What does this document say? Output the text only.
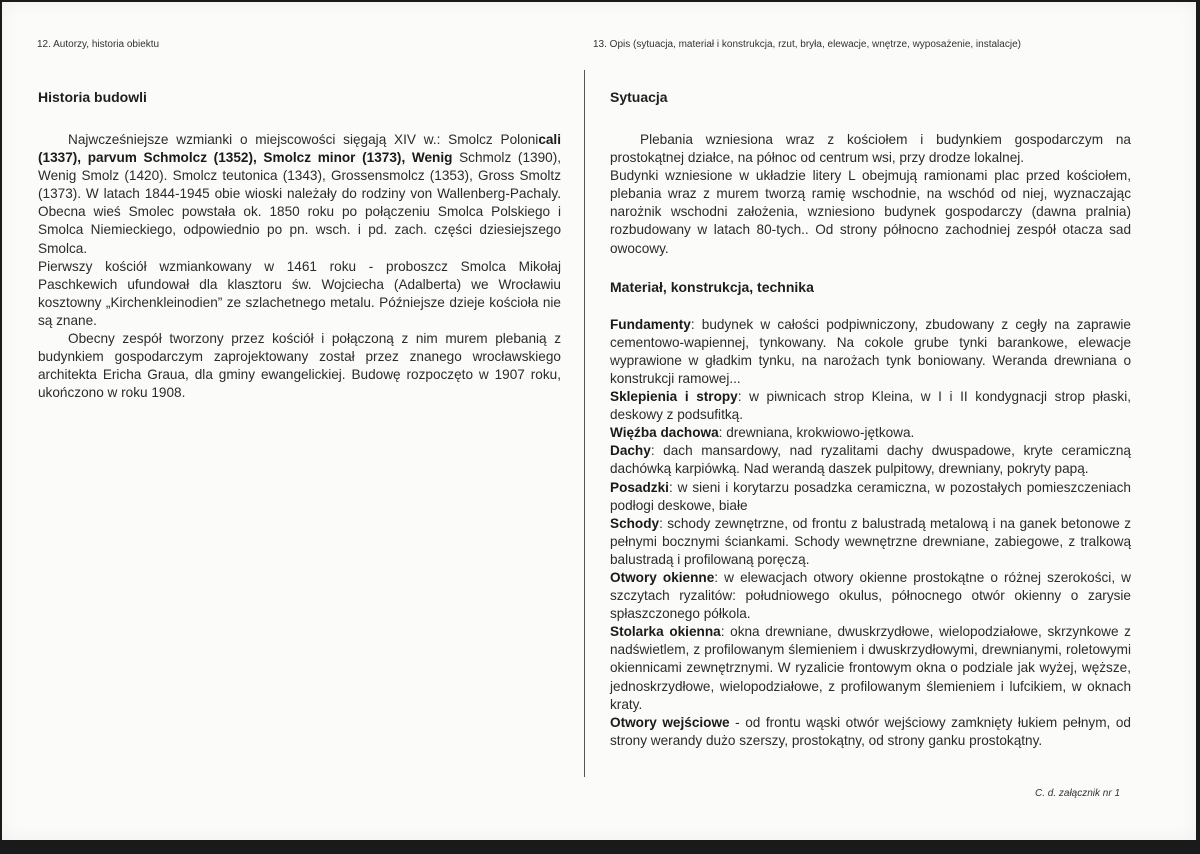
12. Autorzy, historia obiektu	13. Opis (sytuacja, materiał i konstrukcja, rzut, bryła, elewacje, wnętrze, wyposażenie, instalacje)
Historia budowli

Najwcześniejsze wzmianki o miejscowości sięgają XIV w.: Smolcz Polonicali (1337), parvum Schmolcz (1352), Smolcz minor (1373), Wenig Schmolz (1390), Wenig Smolz (1420). Smolcz teutonica (1343), Grossensmolcz (1353), Gross Smoltz (1373). W latach 1844-1945 obie wioski należały do rodziny von Wallenberg-Pachaly. Obecna wieś Smolec powstała ok. 1850 roku po połączeniu Smolca Polskiego i Smolca Niemieckiego, odpowiednio po pn. wsch. i pd. zach. części dziesiejszego Smolca.

Pierwszy kościół wzmiankowany w 1461 roku - proboszcz Smolca Mikołaj Paschkewich ufundował dla klasztoru św. Wojciecha (Adalberta) we Wrocławiu kosztowny „Kirchenkleinodien” ze szlachetnego metalu. Późniejsze dzieje kościoła nie są znane.

Obecny zespół tworzony przez kościół i połączoną z nim murem plebanią z budynkiem gospodarczym zaprojektowany został przez znanego wrocławskiego architekta Ericha Graua, dla gminy ewangelickiej. Budowę rozpoczęto w 1907 roku, ukończono w roku 1908.

Sytuacja

Plebania wzniesiona wraz z kościołem i budynkiem gospodarczym na prostokątnej działce, na północ od centrum wsi, przy drodze lokalnej.

Budynki wzniesione w układzie litery L obejmują ramionami plac przed kościołem, plebania wraz z murem tworzą ramię wschodnie, na wschód od niej, wyznaczając narożnik wschodni założenia, wzniesiono budynek gospodarczy (dawna pralnia) rozbudowany w latach 80-tych.. Od strony północno zachodniej zespół otacza sad owocowy.

Materiał, konstrukcja, technika

Fundamenty: budynek w całości podpiwniczony, zbudowany z cegły na zaprawie cementowo-wapiennej, tynkowany. Na cokole grube tynki barankowe, elewacje wyprawione w gładkim tynku, na narożach tynk boniowany. Weranda drewniana o konstrukcji ramowej...

Sklepienia i stropy: w piwnicach strop Kleina, w I i II kondygnacji strop płaski, deskowy z podsufitką.

Więźba dachowa: drewniana, krokwiowo-jętkowa.

Dachy: dach mansardowy, nad ryzalitami dachy dwuspadowe, kryte ceramiczną dachówką karpiówką. Nad werandą daszek pulpitowy, drewniany, pokryty papą.

Posadzki: w sieni i korytarzu posadzka ceramiczna, w pozostałych pomieszczeniach podłogi deskowe, białe

Schody: schody zewnętrzne, od frontu z balustradą metalową i na ganek betonowe z pełnymi bocznymi ściankami. Schody wewnętrzne drewniane, zabiegowe, z tralkową balustradą i profilowaną poręczą.

Otwory okienne: w elewacjach otwory okienne prostokątne o różnej szerokości, w szczytach ryzalitów: południowego okulus, północnego otwór okienny o zarysie spłaszczonego półkola.

Stolarka okienna: okna drewniane, dwuskrzydłowe, wielopodziałowe, skrzynkowe z nadświetlem, z profilowanym ślemieniem i dwuskrzydłowymi, drewnianymi, roletowymi okiennicami zewnętrznymi. W ryzalicie frontowym okna o podziale jak wyżej, węższe, jednoskrzydłowe, wielopodziałowe, z profilowanym ślemieniem i lufcikiem, w oknach kraty.

Otwory wejściowe - od frontu wąski otwór wejściowy zamknięty łukiem pełnym, od strony werandy dużo szerszy, prostokątny, od strony ganku prostokątny.

C. d. załącznik nr 1
